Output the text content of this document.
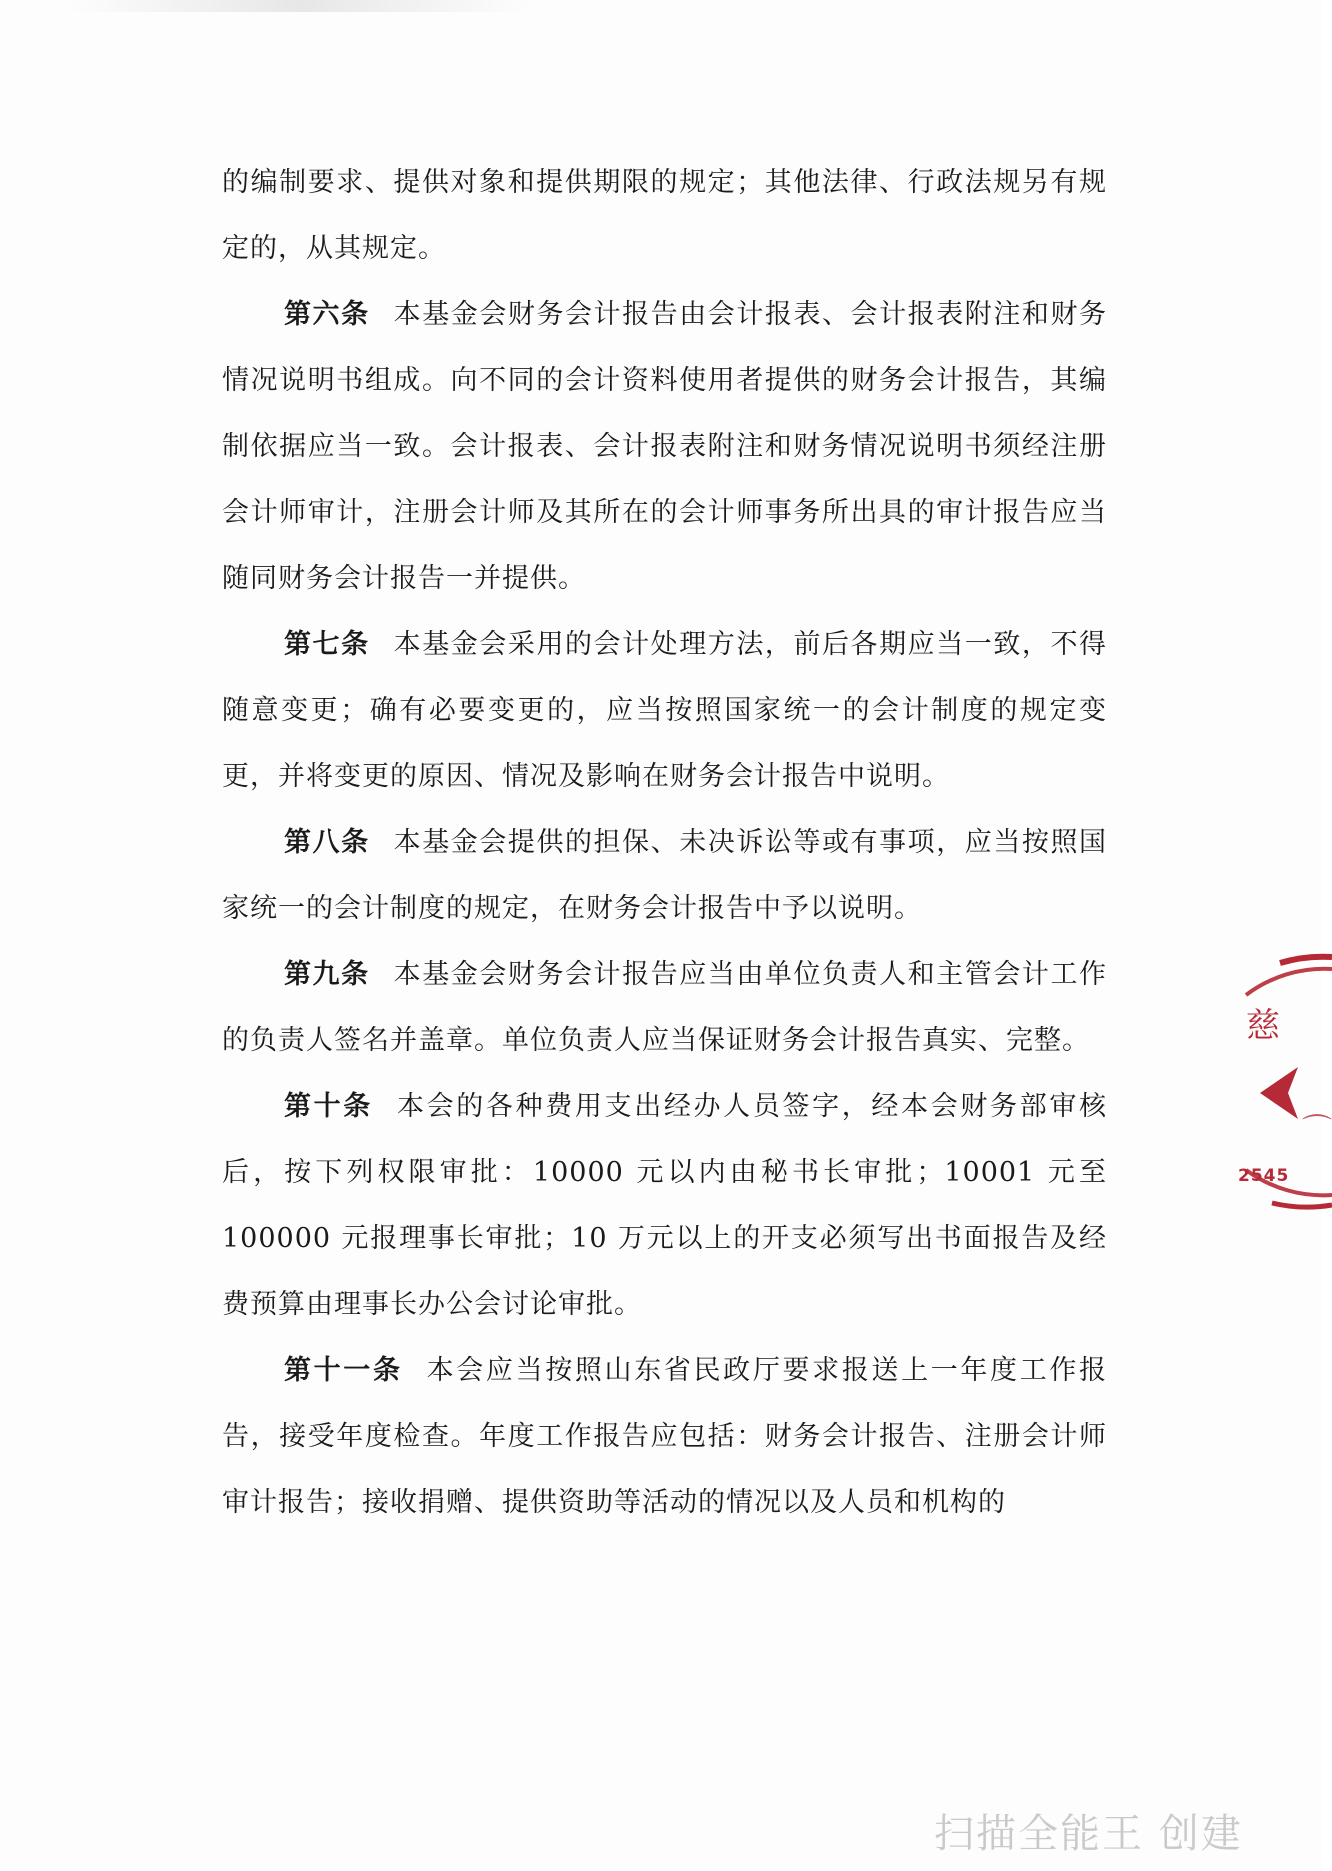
的编制要求、提供对象和提供期限的规定；其他法律、行政法规另有规定的，从其规定。

第六条 本基金会财务会计报告由会计报表、会计报表附注和财务情况说明书组成。向不同的会计资料使用者提供的财务会计报告，其编制依据应当一致。会计报表、会计报表附注和财务情况说明书须经注册会计师审计，注册会计师及其所在的会计师事务所出具的审计报告应当随同财务会计报告一并提供。

第七条 本基金会采用的会计处理方法，前后各期应当一致，不得随意变更；确有必要变更的，应当按照国家统一的会计制度的规定变更，并将变更的原因、情况及影响在财务会计报告中说明。

第八条 本基金会提供的担保、未决诉讼等或有事项，应当按照国家统一的会计制度的规定，在财务会计报告中予以说明。

第九条 本基金会财务会计报告应当由单位负责人和主管会计工作的负责人签名并盖章。单位负责人应当保证财务会计报告真实、完整。

第十条 本会的各种费用支出经办人员签字，经本会财务部审核后，按下列权限审批：10000 元以内由秘书长审批；10001 元至 100000 元报理事长审批；10 万元以上的开支必须写出书面报告及经费预算由理事长办公会讨论审批。

第十一条 本会应当按照山东省民政厅要求报送上一年度工作报告，接受年度检查。年度工作报告应包括：财务会计报告、注册会计师审计报告；接收捐赠、提供资助等活动的情况以及人员和机构的

慈
⌒
2545
扫描全能王 创建
